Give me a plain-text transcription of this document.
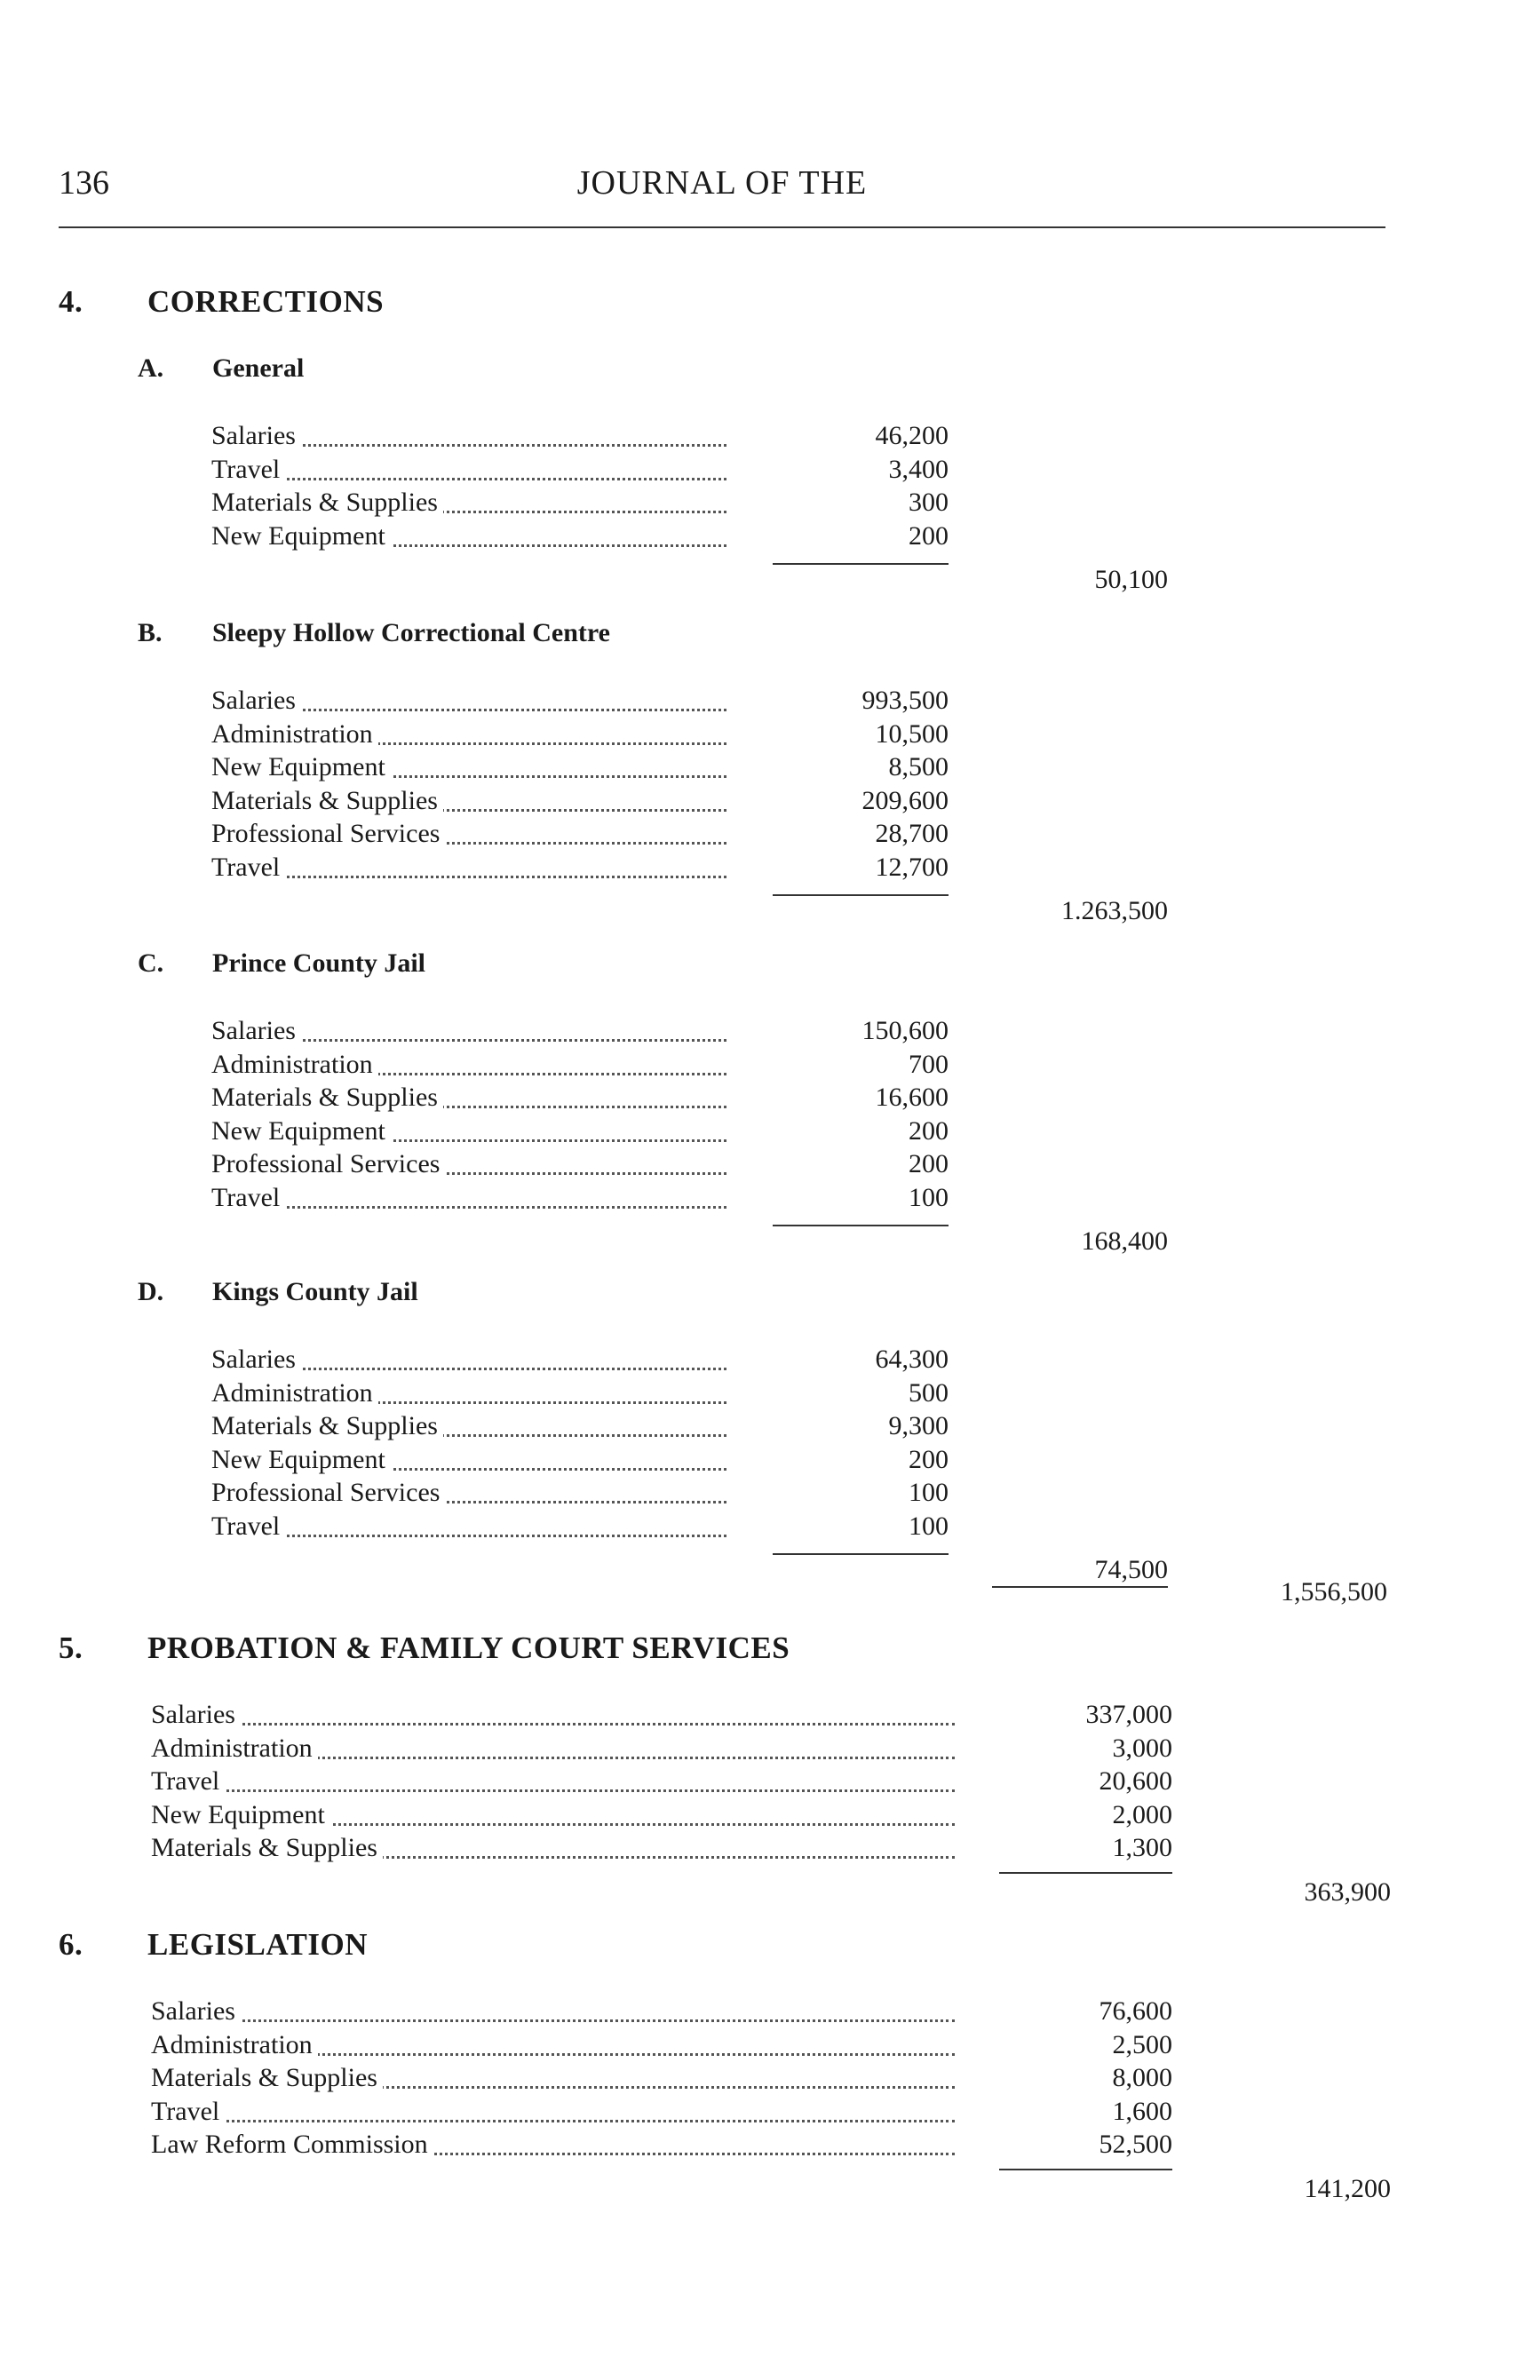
136	JOURNAL OF THE
4. CORRECTIONS
A. General
Salaries	46,200
Travel	3,400
Materials & Supplies	300
New Equipment	200
50,100
B. Sleepy Hollow Correctional Centre
Salaries	993,500
Administration	10,500
New Equipment	8,500
Materials & Supplies	209,600
Professional Services	28,700
Travel	12,700
1.263,500
C. Prince County Jail
Salaries	150,600
Administration	700
Materials & Supplies	16,600
New Equipment	200
Professional Services	200
Travel	100
168,400
D. Kings County Jail
Salaries	64,300
Administration	500
Materials & Supplies	9,300
New Equipment	200
Professional Services	100
Travel	100
74,500
1,556,500
5. PROBATION & FAMILY COURT SERVICES
Salaries	337,000
Administration	3,000
Travel	20,600
New Equipment	2,000
Materials & Supplies	1,300
363,900
6. LEGISLATION
Salaries	76,600
Administration	2,500
Materials & Supplies	8,000
Travel	1,600
Law Reform Commission	52,500
141,200
